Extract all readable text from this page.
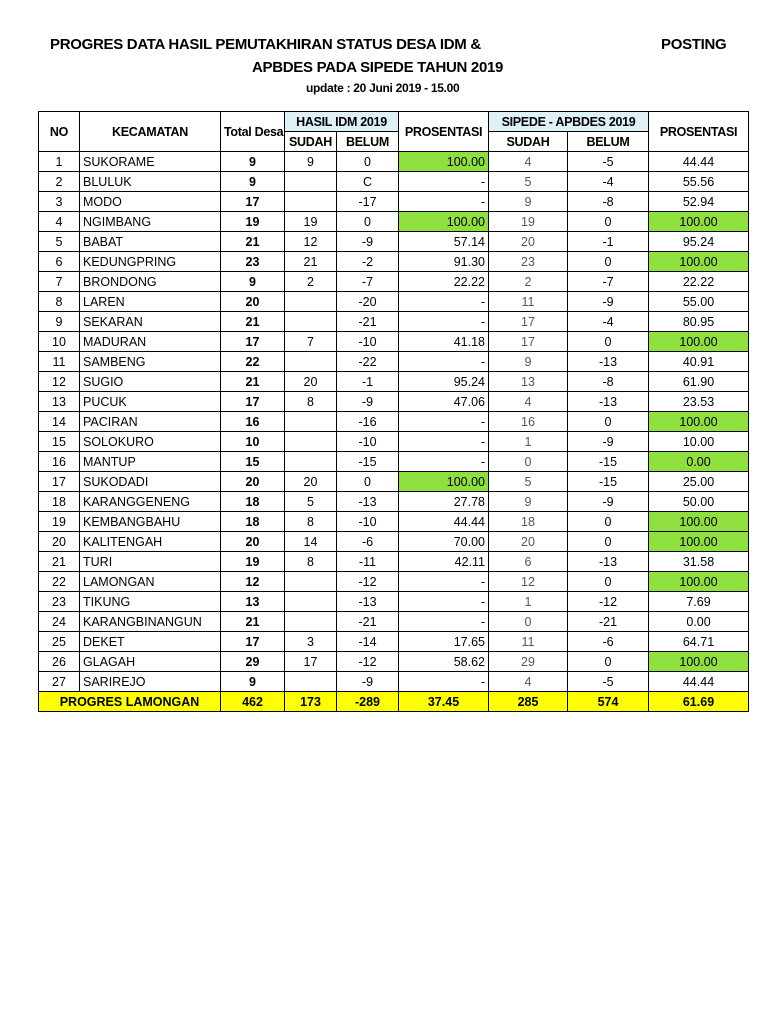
PROGRES DATA HASIL PEMUTAKHIRAN STATUS DESA IDM &	POSTING
APBDES PADA SIPEDE TAHUN 2019
update : 20 Juni 2019 - 15.00
NO	KECAMATAN	Total Desa	HASIL IDM 2019		PROSENTASI	SIPEDE - APBDES 2019		PROSENTASI
			SUDAH	BELUM		SUDAH	BELUM	
1	SUKORAME	9	9	0	100.00	4	-5	44.44
2	BLULUK	9		C	-	5	-4	55.56
3	MODO	17		-17	-	9	-8	52.94
4	NGIMBANG	19	19	0	100.00	19	0	100.00
5	BABAT	21	12	-9	57.14	20	-1	95.24
6	KEDUNGPRING	23	21	-2	91.30	23	0	100.00
7	BRONDONG	9	2	-7	22.22	2	-7	22.22
8	LAREN	20		-20	-	11	-9	55.00
9	SEKARAN	21		-21	-	17	-4	80.95
10	MADURAN	17	7	-10	41.18	17	0	100.00
11	SAMBENG	22		-22	-	9	-13	40.91
12	SUGIO	21	20	-1	95.24	13	-8	61.90
13	PUCUK	17	8	-9	47.06	4	-13	23.53
14	PACIRAN	16		-16	-	16	0	100.00
15	SOLOKURO	10		-10	-	1	-9	10.00
16	MANTUP	15		-15	-	0	-15	0.00
17	SUKODADI	20	20	0	100.00	5	-15	25.00
18	KARANGGENENG	18	5	-13	27.78	9	-9	50.00
19	KEMBANGBAHU	18	8	-10	44.44	18	0	100.00
20	KALITENGAH	20	14	-6	70.00	20	0	100.00
21	TURI	19	8	-11	42.11	6	-13	31.58
22	LAMONGAN	12		-12	-	12	0	100.00
23	TIKUNG	13		-13	-	1	-12	7.69
24	KARANGBINANGUN	21		-21	-	0	-21	0.00
25	DEKET	17	3	-14	17.65	11	-6	64.71
26	GLAGAH	29	17	-12	58.62	29	0	100.00
27	SARIREJO	9		-9	-	4	-5	44.44
PROGRES LAMONGAN		462	173	-289	37.45	285	574	61.69
